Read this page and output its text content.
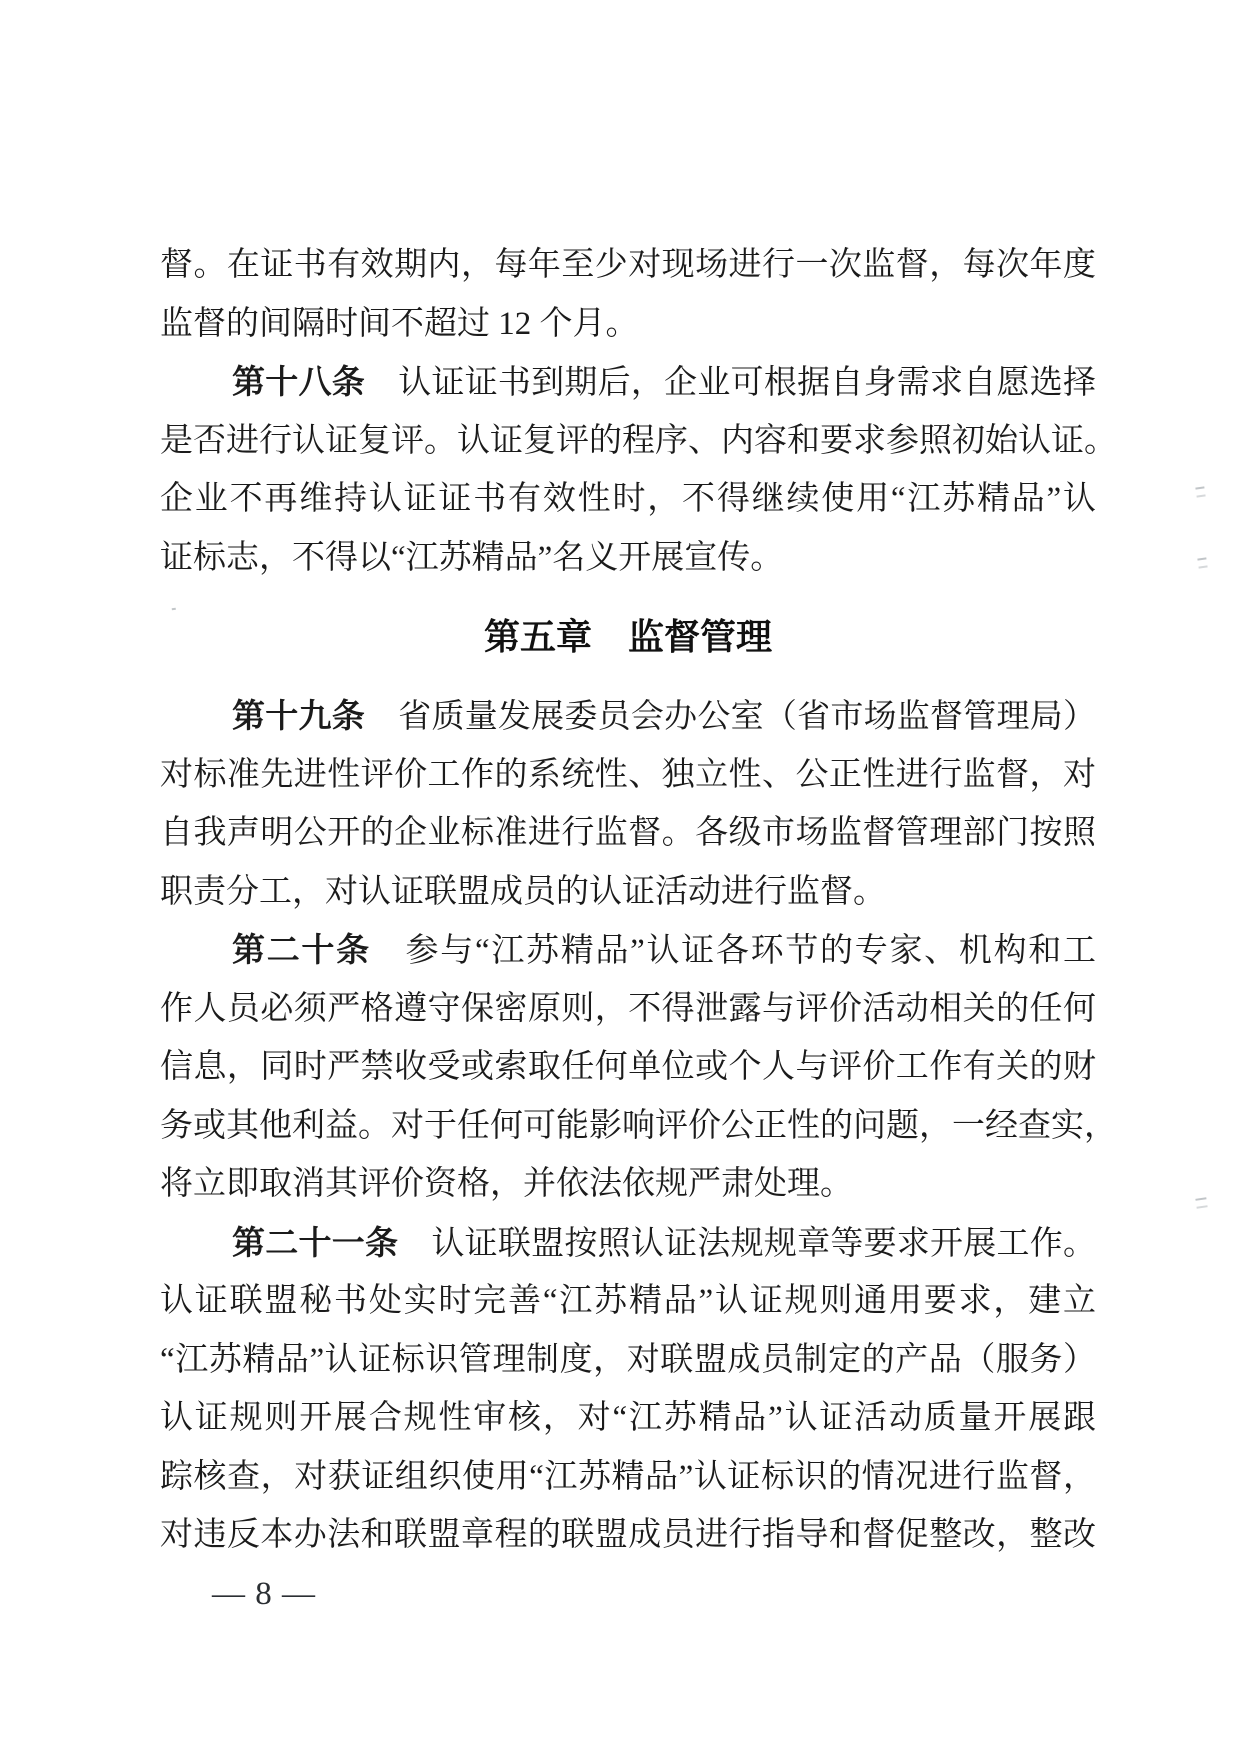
督。在证书有效期内，每年至少对现场进行一次监督，每次年度
监督的间隔时间不超过 12 个月。
第十八条　认证证书到期后，企业可根据自身需求自愿选择
是否进行认证复评。认证复评的程序、内容和要求参照初始认证。
企业不再维持认证证书有效性时，不得继续使用“江苏精品”认
证标志，不得以“江苏精品”名义开展宣传。
第五章　监督管理
第十九条　省质量发展委员会办公室（省市场监督管理局）
对标准先进性评价工作的系统性、独立性、公正性进行监督，对
自我声明公开的企业标准进行监督。各级市场监督管理部门按照
职责分工，对认证联盟成员的认证活动进行监督。
第二十条　参与“江苏精品”认证各环节的专家、机构和工
作人员必须严格遵守保密原则，不得泄露与评价活动相关的任何
信息，同时严禁收受或索取任何单位或个人与评价工作有关的财
务或其他利益。对于任何可能影响评价公正性的问题，一经查实，
将立即取消其评价资格，并依法依规严肃处理。
第二十一条　认证联盟按照认证法规规章等要求开展工作。
认证联盟秘书处实时完善“江苏精品”认证规则通用要求，建立
“江苏精品”认证标识管理制度，对联盟成员制定的产品（服务）
认证规则开展合规性审核，对“江苏精品”认证活动质量开展跟
踪核查，对获证组织使用“江苏精品”认证标识的情况进行监督，
对违反本办法和联盟章程的联盟成员进行指导和督促整改，整改
— 8 —
